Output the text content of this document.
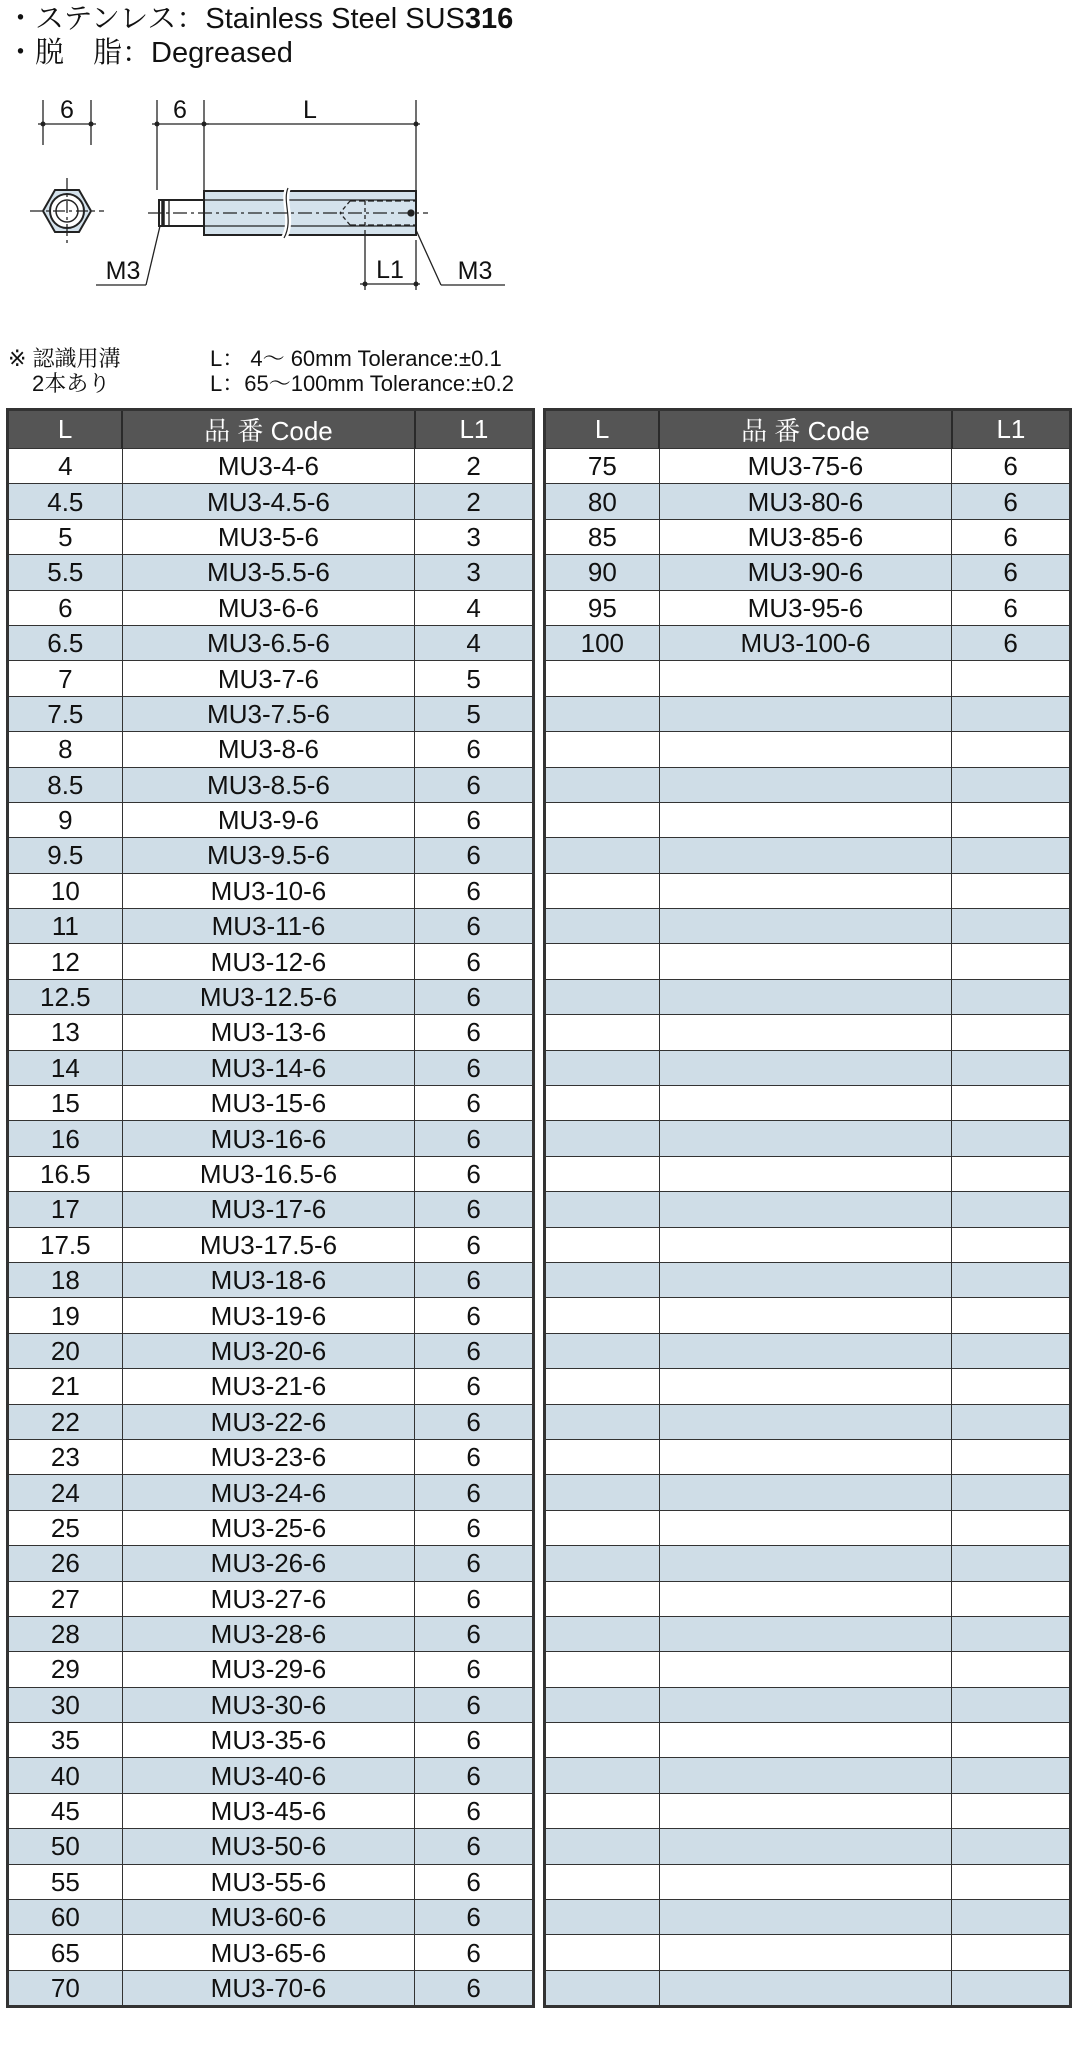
・ステンレス：Stainless Steel SUS316
・脱　脂：Degreased
6	6	L
L1
M3	M3
※ 認識用溝
2本あり
L： 4～ 60mm Tolerance:±0.1
L：65～100mm Tolerance:±0.2
L	品 番 Code	L1
4	MU3-4-6	2
4.5	MU3-4.5-6	2
5	MU3-5-6	3
5.5	MU3-5.5-6	3
6	MU3-6-6	4
6.5	MU3-6.5-6	4
7	MU3-7-6	5
7.5	MU3-7.5-6	5
8	MU3-8-6	6
8.5	MU3-8.5-6	6
9	MU3-9-6	6
9.5	MU3-9.5-6	6
10	MU3-10-6	6
11	MU3-11-6	6
12	MU3-12-6	6
12.5	MU3-12.5-6	6
13	MU3-13-6	6
14	MU3-14-6	6
15	MU3-15-6	6
16	MU3-16-6	6
16.5	MU3-16.5-6	6
17	MU3-17-6	6
17.5	MU3-17.5-6	6
18	MU3-18-6	6
19	MU3-19-6	6
20	MU3-20-6	6
21	MU3-21-6	6
22	MU3-22-6	6
23	MU3-23-6	6
24	MU3-24-6	6
25	MU3-25-6	6
26	MU3-26-6	6
27	MU3-27-6	6
28	MU3-28-6	6
29	MU3-29-6	6
30	MU3-30-6	6
35	MU3-35-6	6
40	MU3-40-6	6
45	MU3-45-6	6
50	MU3-50-6	6
55	MU3-55-6	6
60	MU3-60-6	6
65	MU3-65-6	6
70	MU3-70-6	6
L	品 番 Code	L1
75	MU3-75-6	6
80	MU3-80-6	6
85	MU3-85-6	6
90	MU3-90-6	6
95	MU3-95-6	6
100	MU3-100-6	6
